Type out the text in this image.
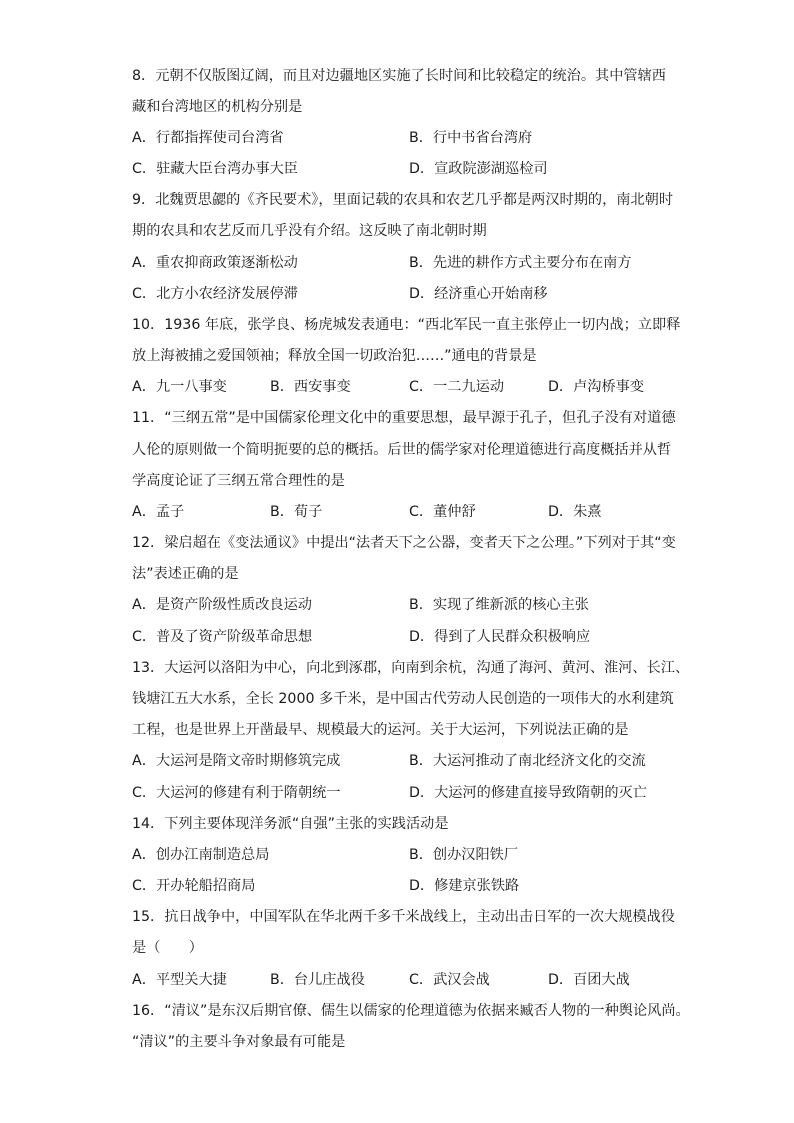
8．元朝不仅版图辽阔，而且对边疆地区实施了长时间和比较稳定的统治。其中管辖西
藏和台湾地区的机构分别是
A．行都指挥使司台湾省	B．行中书省台湾府
C．驻藏大臣台湾办事大臣	D．宣政院澎湖巡检司
9．北魏贾思勰的《齐民要术》，里面记载的农具和农艺几乎都是两汉时期的，南北朝时
期的农具和农艺反而几乎没有介绍。这反映了南北朝时期
A．重农抑商政策逐渐松动	B．先进的耕作方式主要分布在南方
C．北方小农经济发展停滞	D．经济重心开始南移
10．1936 年底，张学良、杨虎城发表通电：“西北军民一直主张停止一切内战；立即释
放上海被捕之爱国领袖；释放全国一切政治犯……”通电的背景是
A．九一八事变	B．西安事变	C．一二九运动	D．卢沟桥事变
11．“三纲五常”是中国儒家伦理文化中的重要思想，最早源于孔子，但孔子没有对道德
人伦的原则做一个简明扼要的总的概括。后世的儒学家对伦理道德进行高度概括并从哲
学高度论证了三纲五常合理性的是
A．孟子	B．荀子	C．董仲舒	D．朱熹
12．梁启超在《变法通议》中提出“法者天下之公器，变者天下之公理。”下列对于其“变
法”表述正确的是
A．是资产阶级性质改良运动	B．实现了维新派的核心主张
C．普及了资产阶级革命思想	D．得到了人民群众积极响应
13．大运河以洛阳为中心，向北到涿郡，向南到余杭，沟通了海河、黄河、淮河、长江、
钱塘江五大水系，全长 2000 多千米，是中国古代劳动人民创造的一项伟大的水利建筑
工程，也是世界上开凿最早、规模最大的运河。关于大运河，下列说法正确的是
A．大运河是隋文帝时期修筑完成	B．大运河推动了南北经济文化的交流
C．大运河的修建有利于隋朝统一	D．大运河的修建直接导致隋朝的灭亡
14．下列主要体现洋务派“自强”主张的实践活动是
A．创办江南制造总局	B．创办汉阳铁厂
C．开办轮船招商局	D．修建京张铁路
15．抗日战争中，中国军队在华北两千多千米战线上，主动出击日军的一次大规模战役
是（　　）
A．平型关大捷	B．台儿庄战役	C．武汉会战	D．百团大战
16．“清议”是东汉后期官僚、儒生以儒家的伦理道德为依据来臧否人物的一种舆论风尚。
“清议”的主要斗争对象最有可能是
